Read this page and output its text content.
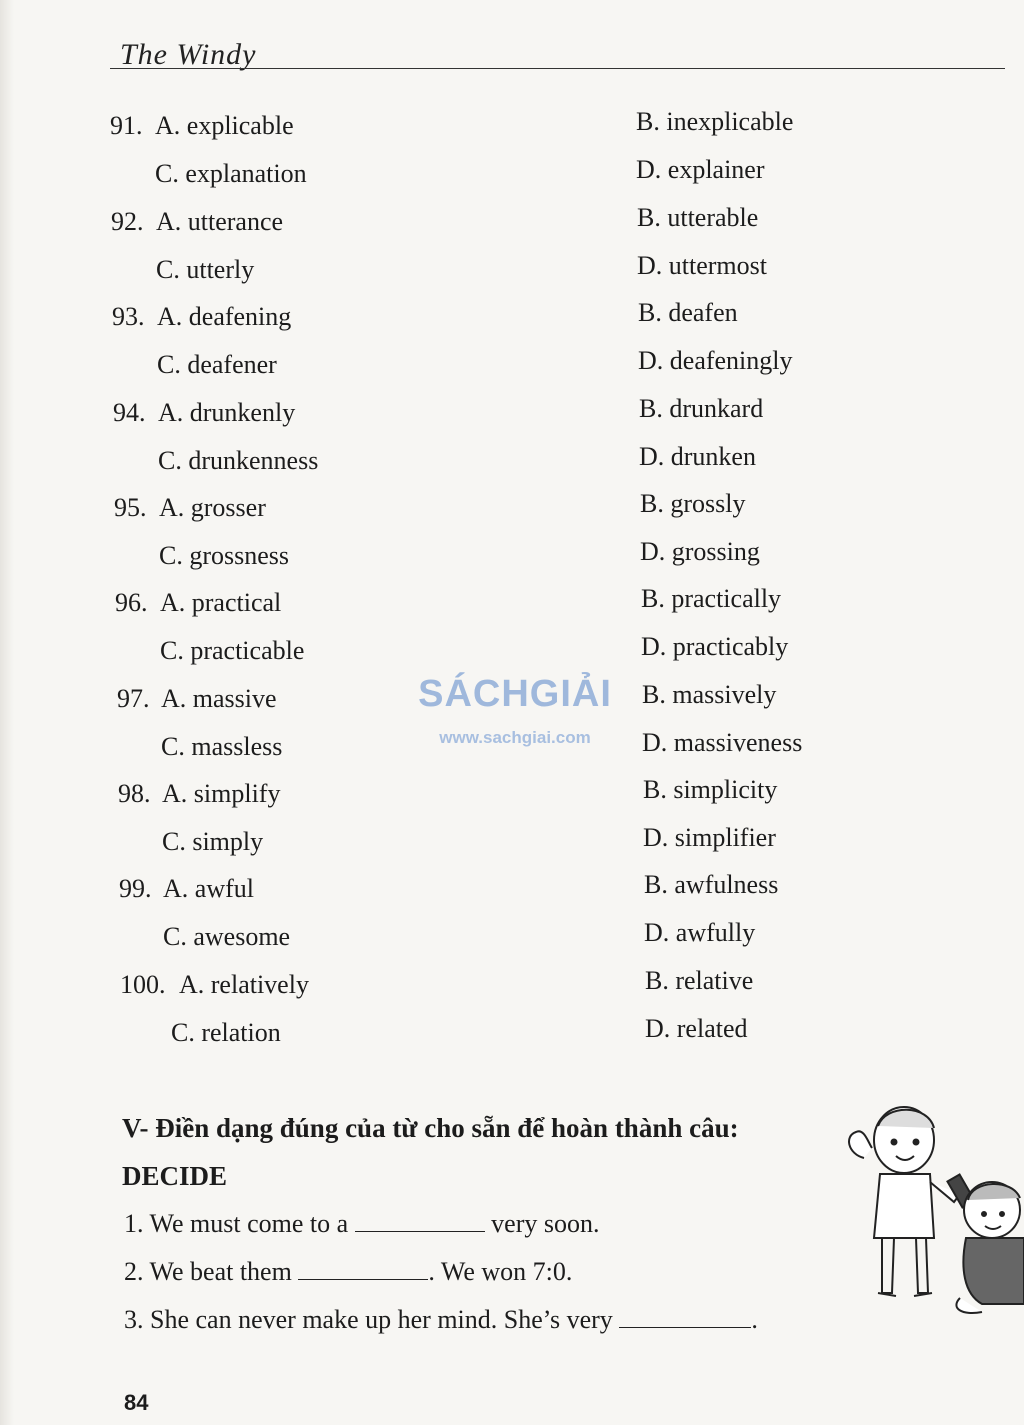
The Windy
91. A. explicable	B. inexplicable
C. explanation	D. explainer
92. A. utterance	B. utterable
C. utterly	D. uttermost
93. A. deafening	B. deafen
C. deafener	D. deafeningly
94. A. drunkenly	B. drunkard
C. drunkenness	D. drunken
95. A. grosser	B. grossly
C. grossness	D. grossing
96. A. practical	B. practically
C. practicable	D. practicably
97. A. massive	B. massively
C. massless	D. massiveness
98. A. simplify	B. simplicity
C. simply	D. simplifier
99. A. awful	B. awfulness
C. awesome	D. awfully
100. A. relatively	B. relative
C. relation	D. related
SÁCHGIẢI
www.sachgiai.com
V- Điền dạng đúng của từ cho sẵn để hoàn thành câu:
DECIDE
1. We must come to a	very soon.
2. We beat them	. We won 7:0.
3. She can never make up her mind. She’s very	.
84
